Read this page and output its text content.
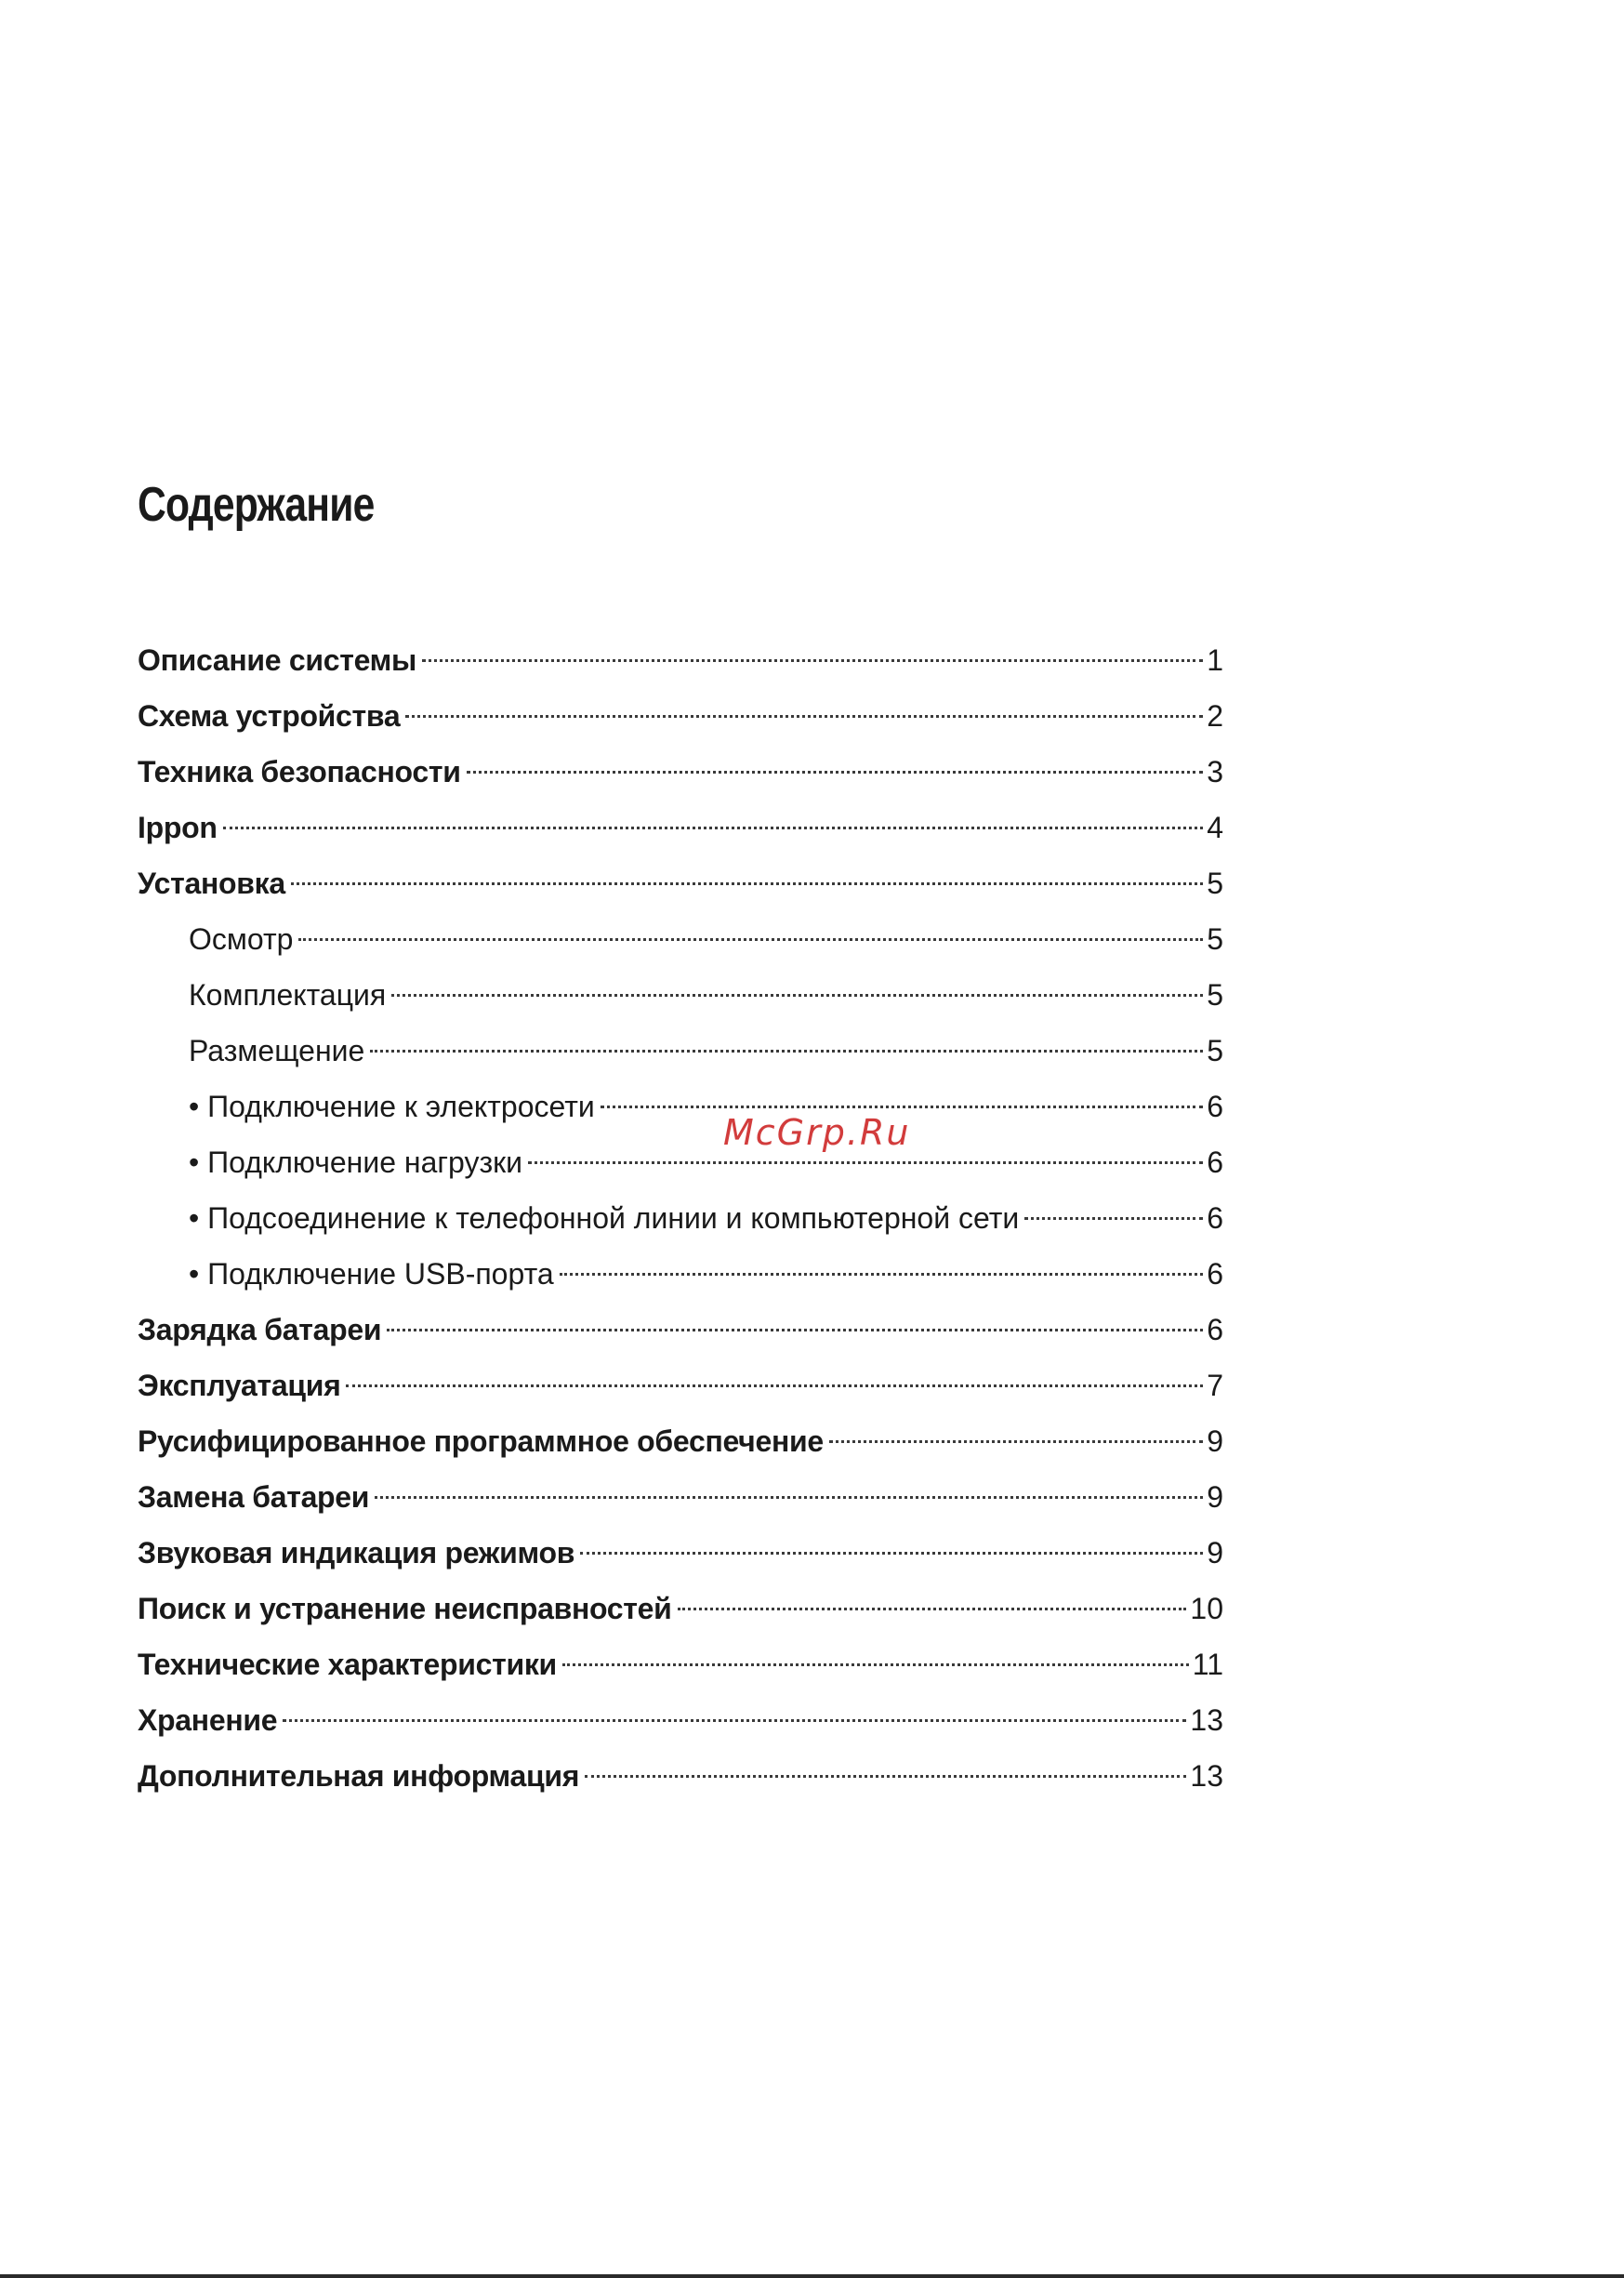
Содержание
Описание системы	1
Схема устройства	2
Техника безопасности	3
Ippon	4
Установка	5
Осмотр	5
Комплектация	5
Размещение	5
• Подключение к электросети	6
• Подключение нагрузки	6
• Подсоединение к телефонной линии и компьютерной сети	6
• Подключение USB-порта	6
Зарядка батареи	6
Эксплуатация	7
Русифицированное программное обеспечение	9
Замена батареи	9
Звуковая индикация режимов	9
Поиск и устранение неисправностей	10
Технические характеристики	11
Хранение	13
Дополнительная информация	13
McGrp.Ru
